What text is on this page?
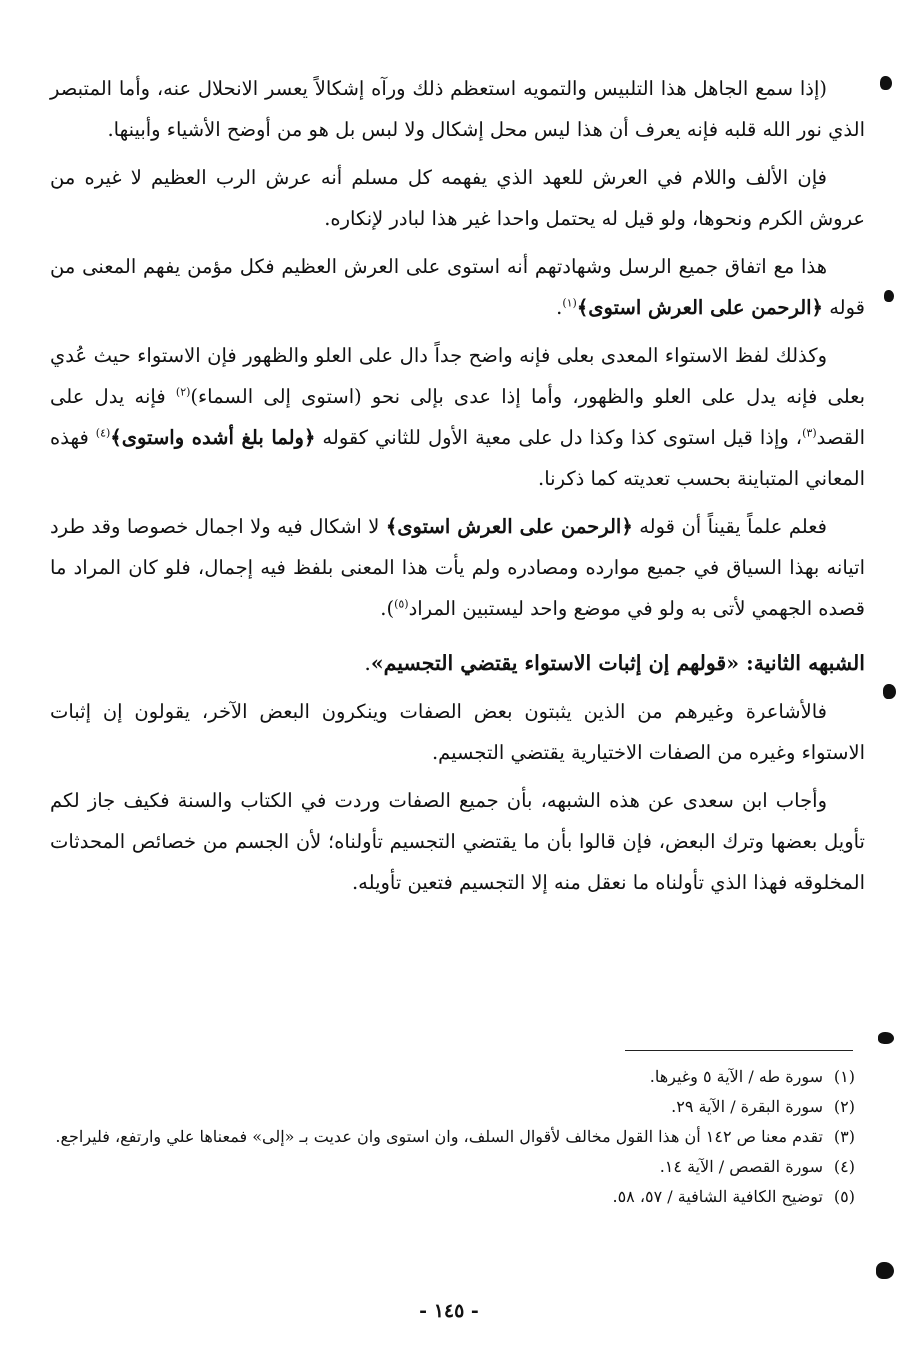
(إذا سمع الجاهل هذا التلبيس والتمويه استعظم ذلك ورآه إشكالاً يعسر الانحلال عنه، وأما المتبصر الذي نور الله قلبه فإنه يعرف أن هذا ليس محل إشكال ولا لبس بل هو من أوضح الأشياء وأبينها.

فإن الألف واللام في العرش للعهد الذي يفهمه كل مسلم أنه عرش الرب العظيم لا غيره من عروش الكرم ونحوها، ولو قيل له يحتمل واحدا غير هذا لبادر لإنكاره.

هذا مع اتفاق جميع الرسل وشهادتهم أنه استوى على العرش العظيم فكل مؤمن يفهم المعنى من قوله ﴿الرحمن على العرش استوى﴾$^{(١)}$.

وكذلك لفظ الاستواء المعدى بعلى فإنه واضح جداً دال على العلو والظهور فإن الاستواء حيث عُدي بعلى فإنه يدل على العلو والظهور، وأما إذا عدى بإلى نحو (استوى إلى السماء)$^{(٢)}$ فإنه يدل على القصد$^{(٣)}$، وإذا قيل استوى كذا وكذا دل على معية الأول للثاني كقوله ﴿ولما بلغ أشده واستوى﴾$^{(٤)}$ فهذه المعاني المتباينة بحسب تعديته كما ذكرنا.

فعلم علماً يقيناً أن قوله ﴿الرحمن على العرش استوى﴾ لا اشكال فيه ولا اجمال خصوصا وقد طرد اتيانه بهذا السياق في جميع موارده ومصادره ولم يأت هذا المعنى بلفظ فيه إجمال، فلو كان المراد ما قصده الجهمي لأتى به ولو في موضع واحد ليستبين المراد$^{(٥)}$).

الشبهه الثانية: «قولهم إن إثبات الاستواء يقتضي التجسيم».

فالأشاعرة وغيرهم من الذين يثبتون بعض الصفات وينكرون البعض الآخر، يقولون إن إثبات الاستواء وغيره من الصفات الاختيارية يقتضي التجسيم.

وأجاب ابن سعدى عن هذه الشبهه، بأن جميع الصفات وردت في الكتاب والسنة فكيف جاز لكم تأويل بعضها وترك البعض، فإن قالوا بأن ما يقتضي التجسيم تأولناه؛ لأن الجسم من خصائص المحدثات المخلوقه فهذا الذي تأولناه ما نعقل منه إلا التجسيم فتعين تأويله.

(١)
سورة طه / الآية ٥ وغيرها.

(٢)
سورة البقرة / الآية ٢٩.

(٣)
تقدم معنا ص ١٤٢ أن هذا القول مخالف لأقوال السلف، وان استوى وان عديت بـ «إلى» فمعناها علي وارتفع، فليراجع.

(٤)
سورة القصص / الآية ١٤.

(٥)
توضيح الكافية الشافية / ٥٧، ٥٨.

- ١٤٥ -
